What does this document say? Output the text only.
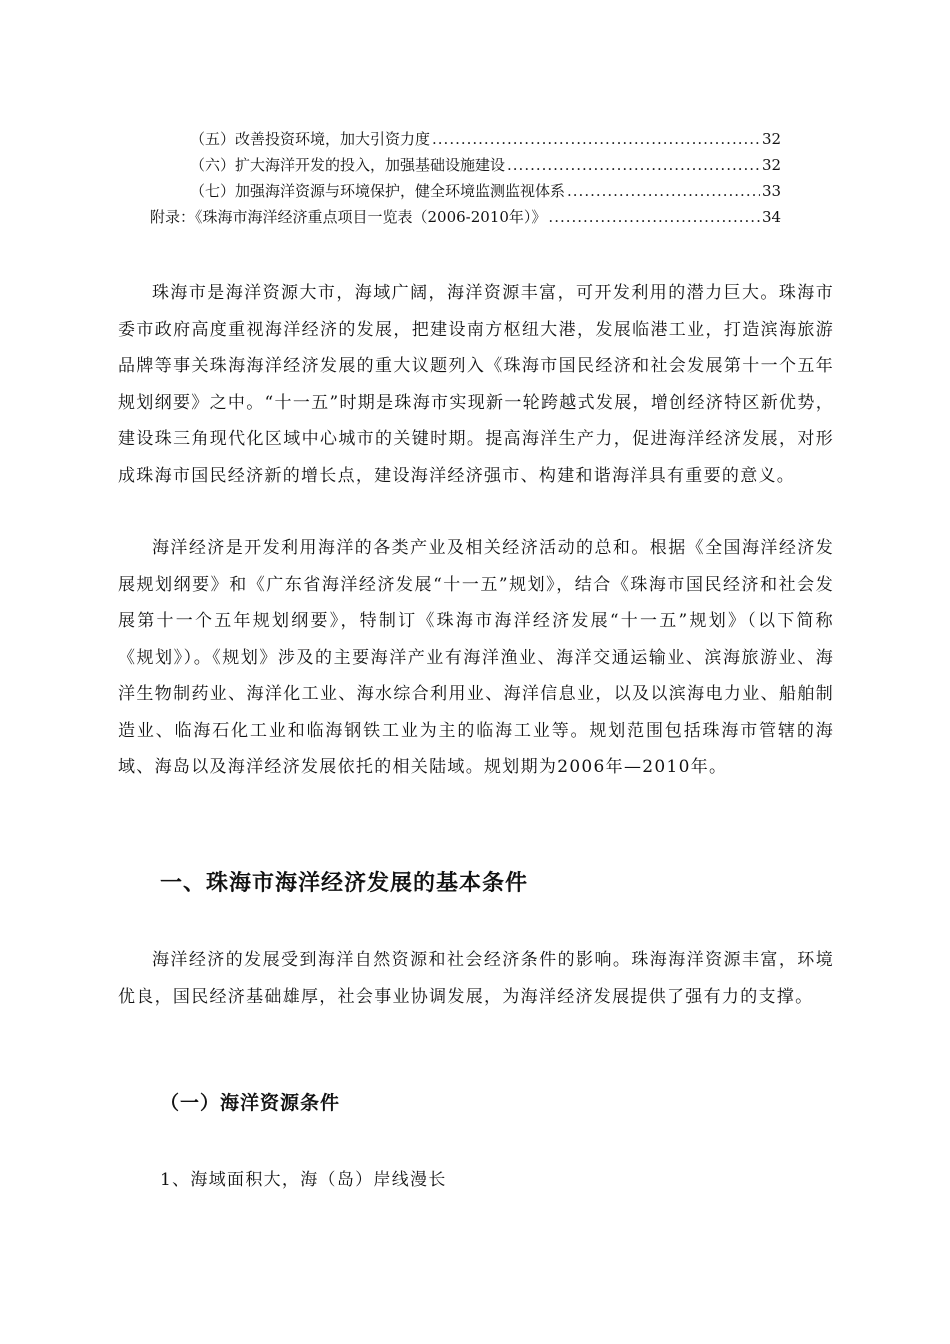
（五）改善投资环境，加大引资力度 .....	32
（六）扩大海洋开发的投入，加强基础设施建设 .....	32
（七）加强海洋资源与环境保护，健全环境监测监视体系 .....	33
附录：《珠海市海洋经济重点项目一览表（2006-2010年）》 .....	34

珠海市是海洋资源大市，海域广阔，海洋资源丰富，可开发利用的潜力巨大。珠海市委市政府高度重视海洋经济的发展，把建设南方枢纽大港，发展临港工业，打造滨海旅游品牌等事关珠海海洋经济发展的重大议题列入《珠海市国民经济和社会发展第十一个五年规划纲要》之中。“十一五”时期是珠海市实现新一轮跨越式发展，增创经济特区新优势，建设珠三角现代化区域中心城市的关键时期。提高海洋生产力，促进海洋经济发展，对形成珠海市国民经济新的增长点，建设海洋经济强市、构建和谐海洋具有重要的意义。

海洋经济是开发利用海洋的各类产业及相关经济活动的总和。根据《全国海洋经济发展规划纲要》和《广东省海洋经济发展“十一五”规划》，结合《珠海市国民经济和社会发展第十一个五年规划纲要》，特制订《珠海市海洋经济发展“十一五”规划》（以下简称《规划》）。《规划》涉及的主要海洋产业有海洋渔业、海洋交通运输业、滨海旅游业、海洋生物制药业、海洋化工业、海水综合利用业、海洋信息业，以及以滨海电力业、船舶制造业、临海石化工业和临海钢铁工业为主的临海工业等。规划范围包括珠海市管辖的海域、海岛以及海洋经济发展依托的相关陆域。规划期为2006年—2010年。

一、珠海市海洋经济发展的基本条件

海洋经济的发展受到海洋自然资源和社会经济条件的影响。珠海海洋资源丰富，环境优良，国民经济基础雄厚，社会事业协调发展，为海洋经济发展提供了强有力的支撑。

（一）海洋资源条件

1、海域面积大，海（岛）岸线漫长
